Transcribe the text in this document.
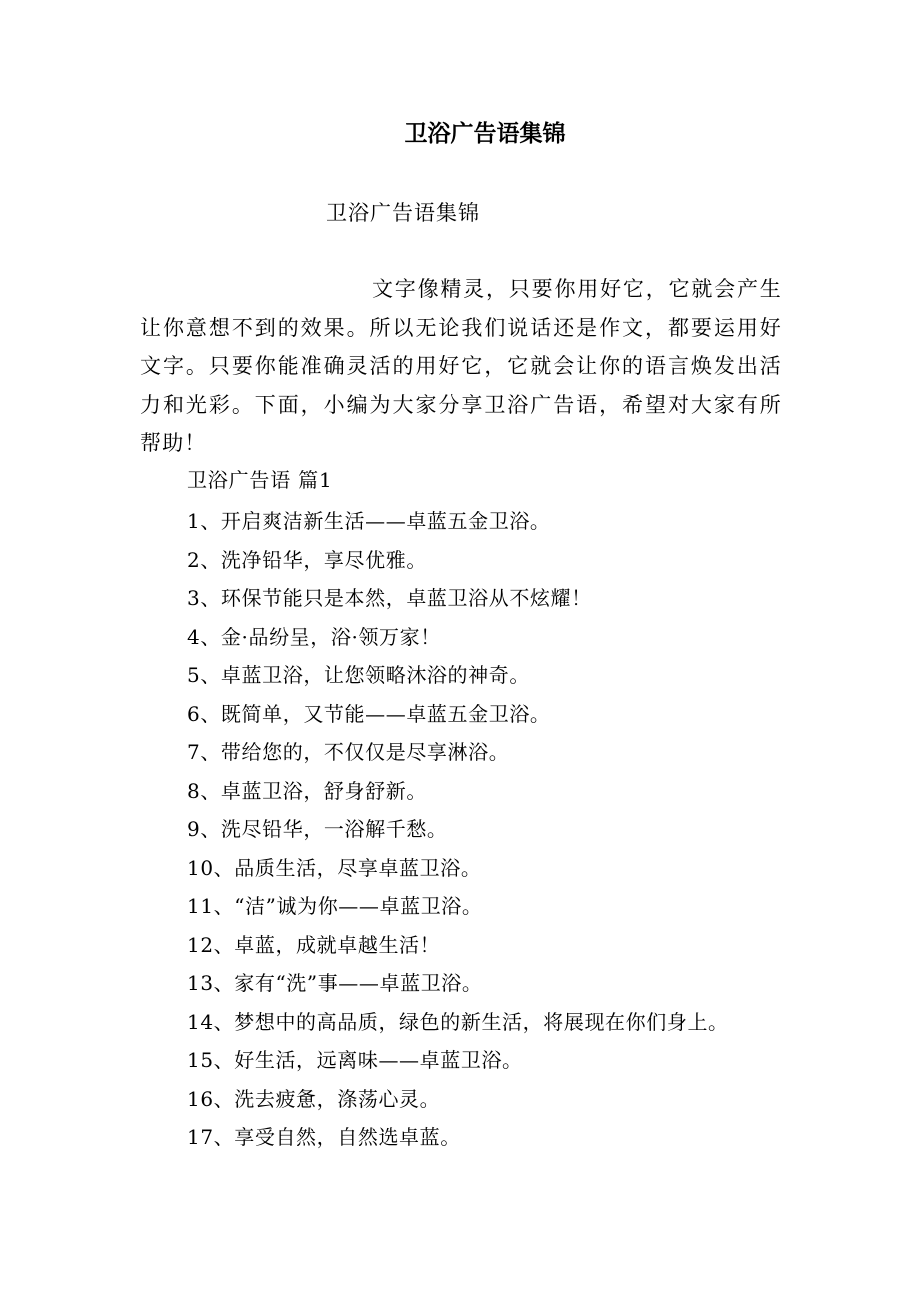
卫浴广告语集锦

卫浴广告语集锦

文字像精灵，只要你用好它，它就会产生让你意想不到的效果。所以无论我们说话还是作文，都要运用好文字。只要你能准确灵活的用好它，它就会让你的语言焕发出活力和光彩。下面，小编为大家分享卫浴广告语，希望对大家有所帮助！

卫浴广告语 篇1

1、开启爽洁新生活——卓蓝五金卫浴。
2、洗净铅华，享尽优雅。
3、环保节能只是本然，卓蓝卫浴从不炫耀！
4、金·品纷呈，浴·领万家！
5、卓蓝卫浴，让您领略沐浴的神奇。
6、既简单，又节能——卓蓝五金卫浴。
7、带给您的，不仅仅是尽享淋浴。
8、卓蓝卫浴，舒身舒新。
9、洗尽铅华，一浴解千愁。
10、品质生活，尽享卓蓝卫浴。
11、“洁”诚为你——卓蓝卫浴。
12、卓蓝，成就卓越生活！
13、家有“洗”事——卓蓝卫浴。
14、梦想中的高品质，绿色的新生活，将展现在你们身上。
15、好生活，远离味——卓蓝卫浴。
16、洗去疲惫，涤荡心灵。
17、享受自然，自然选卓蓝。
